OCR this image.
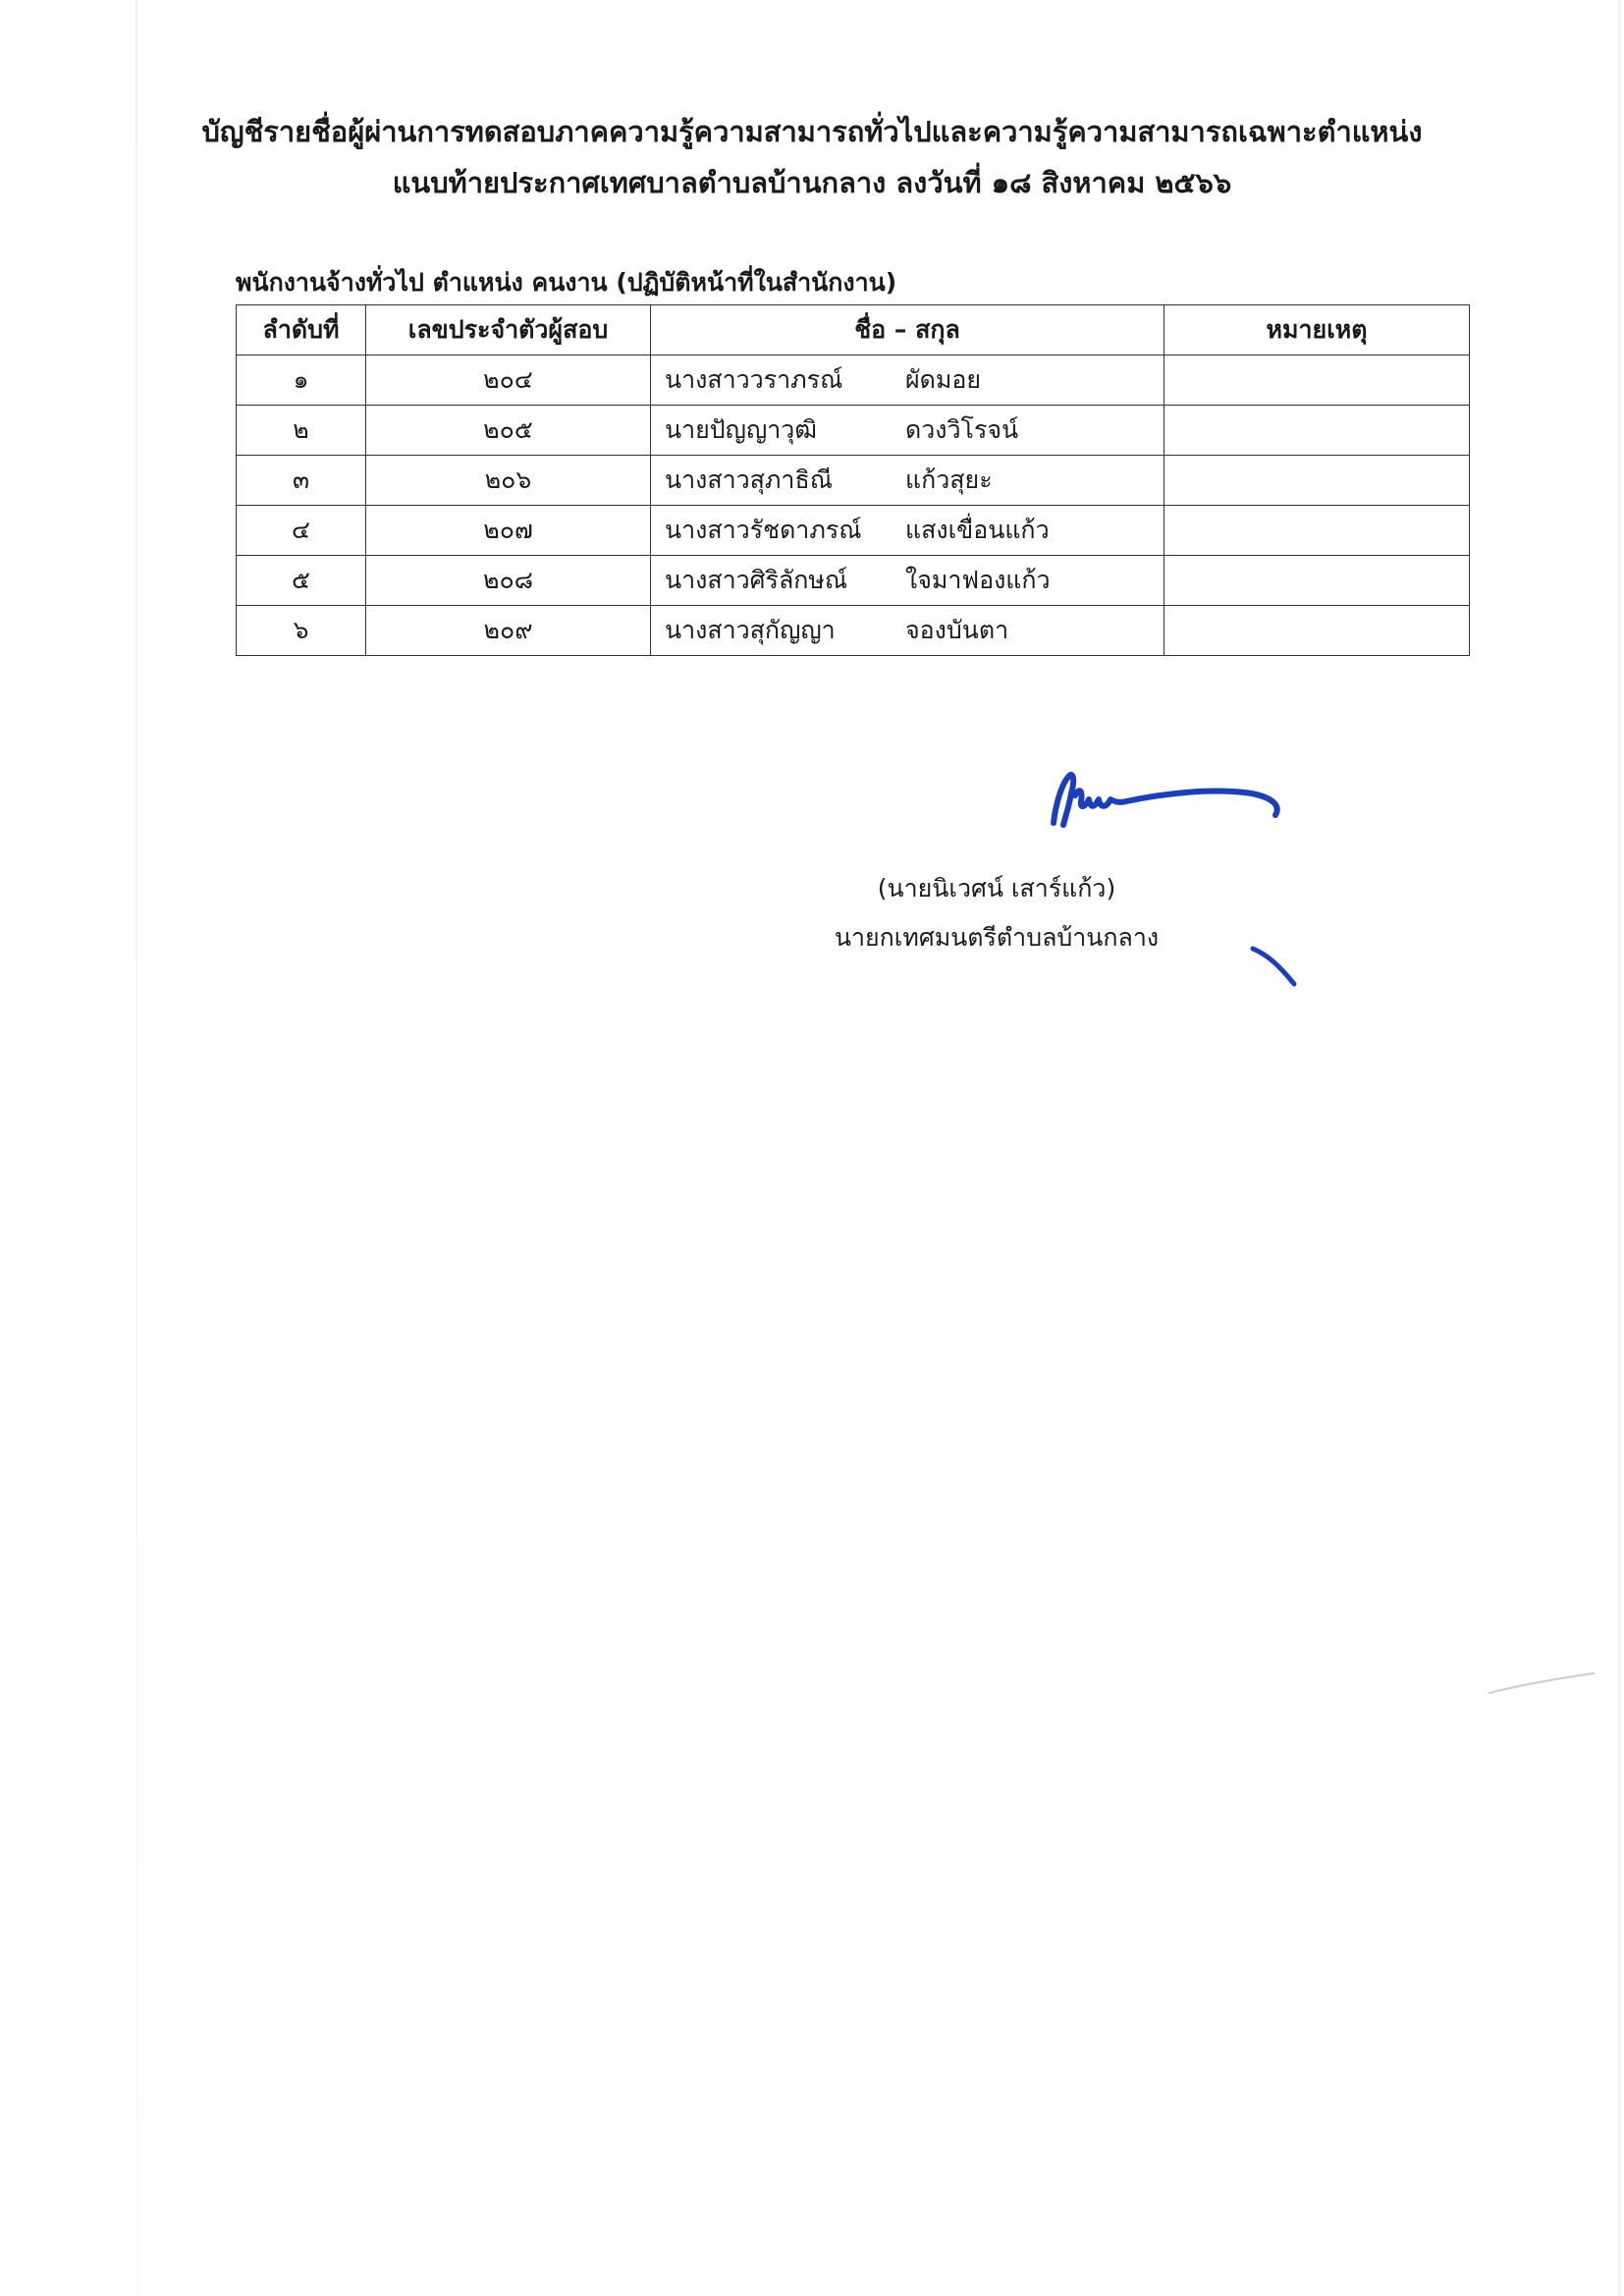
บัญชีรายชื่อผู้ผ่านการทดสอบภาคความรู้ความสามารถทั่วไปและความรู้ความสามารถเฉพาะตำแหน่ง
แนบท้ายประกาศเทศบาลตำบลบ้านกลาง ลงวันที่ ๑๘ สิงหาคม ๒๕๖๖
พนักงานจ้างทั่วไป ตำแหน่ง คนงาน (ปฏิบัติหน้าที่ในสำนักงาน)
ลำดับที่	เลขประจำตัวผู้สอบ	ชื่อ – สกุล	หมายเหตุ
๑	๒๐๔	นางสาววราภรณ์ ผัดมอย	
๒	๒๐๕	นายปัญญาวุฒิ ดวงวิโรจน์	
๓	๒๐๖	นางสาวสุภาธิณี แก้วสุยะ	
๔	๒๐๗	นางสาวรัชดาภรณ์ แสงเขื่อนแก้ว	
๕	๒๐๘	นางสาวศิริลักษณ์ ใจมาฟองแก้ว	
๖	๒๐๙	นางสาวสุกัญญา จองบันตา	
(นายนิเวศน์ เสาร์แก้ว)
นายกเทศมนตรีตำบลบ้านกลาง
